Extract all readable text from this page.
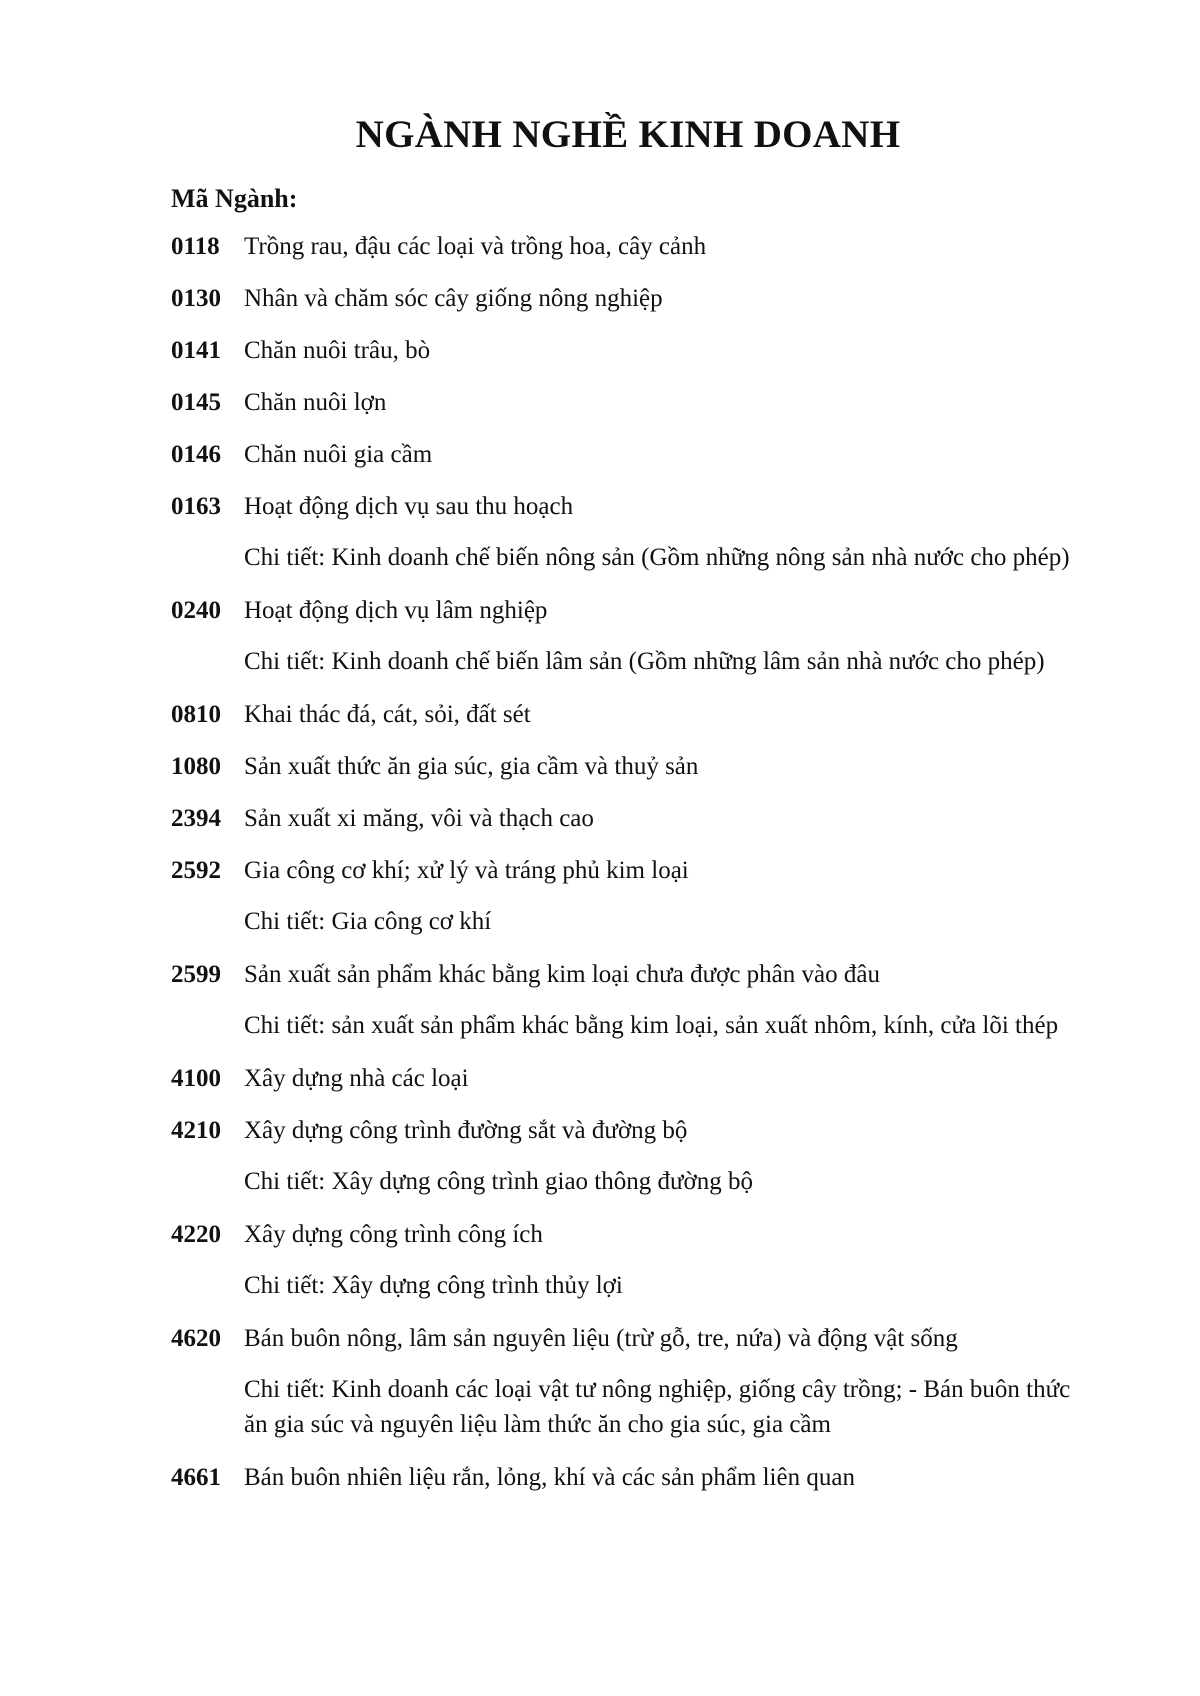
NGÀNH NGHỀ KINH DOANH
Mã Ngành:
0118 Trồng rau, đậu các loại và trồng hoa, cây cảnh
0130 Nhân và chăm sóc cây giống nông nghiệp
0141 Chăn nuôi trâu, bò
0145 Chăn nuôi lợn
0146 Chăn nuôi gia cầm
0163 Hoạt động dịch vụ sau thu hoạch
Chi tiết: Kinh doanh chế biến nông sản (Gồm những nông sản nhà nước cho phép)
0240 Hoạt động dịch vụ lâm nghiệp
Chi tiết: Kinh doanh chế biến lâm sản (Gồm những lâm sản nhà nước cho phép)
0810 Khai thác đá, cát, sỏi, đất sét
1080 Sản xuất thức ăn gia súc, gia cầm và thuỷ sản
2394 Sản xuất xi măng, vôi và thạch cao
2592 Gia công cơ khí; xử lý và tráng phủ kim loại
Chi tiết: Gia công cơ khí
2599 Sản xuất sản phẩm khác bằng kim loại chưa được phân vào đâu
Chi tiết: sản xuất sản phẩm khác bằng kim loại, sản xuất nhôm, kính, cửa lõi thép
4100 Xây dựng nhà các loại
4210 Xây dựng công trình đường sắt và đường bộ
Chi tiết: Xây dựng công trình giao thông đường bộ
4220 Xây dựng công trình công ích
Chi tiết: Xây dựng công trình thủy lợi
4620 Bán buôn nông, lâm sản nguyên liệu (trừ gỗ, tre, nứa) và động vật sống
Chi tiết: Kinh doanh các loại vật tư nông nghiệp, giống cây trồng; - Bán buôn thức ăn gia súc và nguyên liệu làm thức ăn cho gia súc, gia cầm
4661 Bán buôn nhiên liệu rắn, lỏng, khí và các sản phẩm liên quan
